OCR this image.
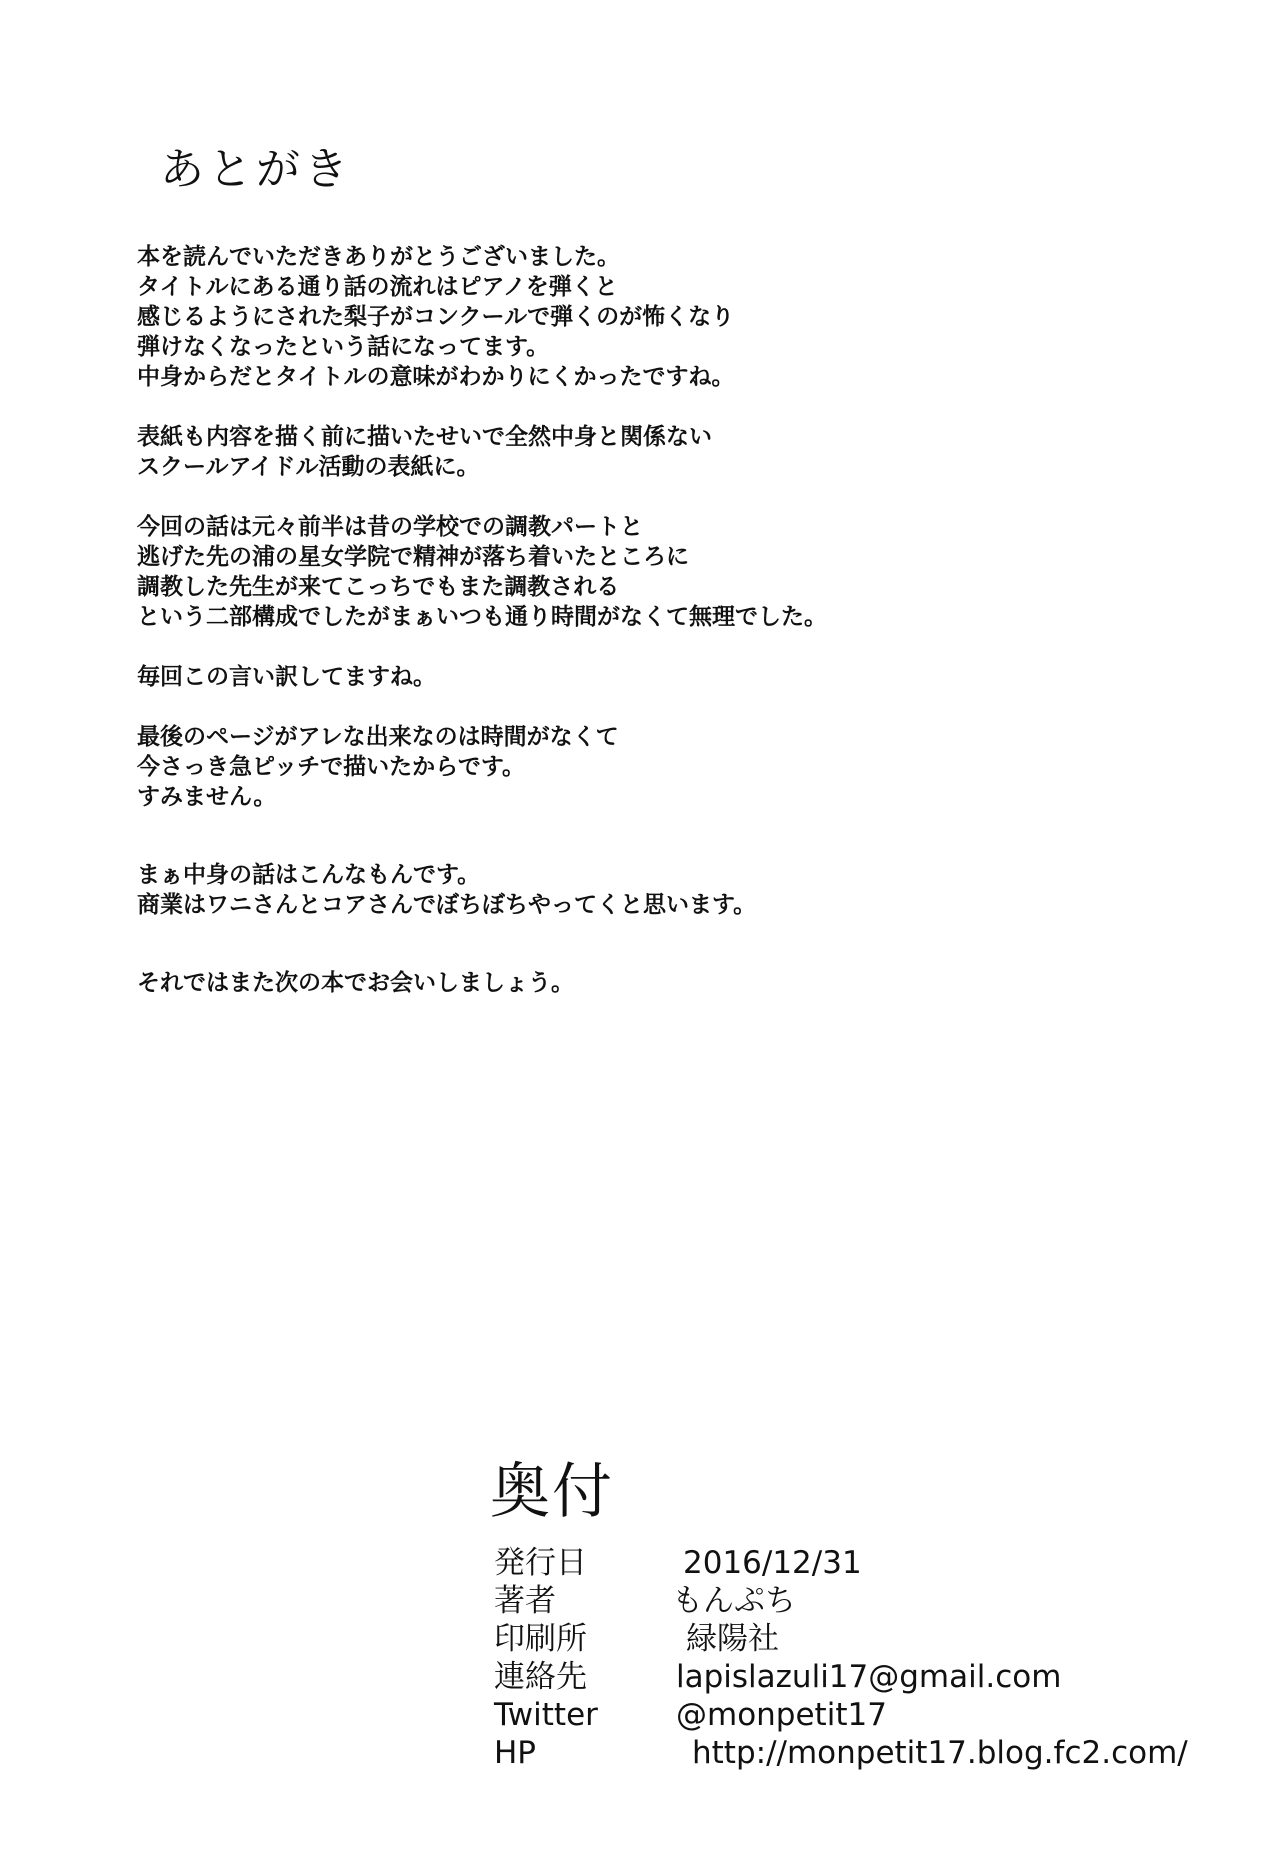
あとがき
本を読んでいただきありがとうございました。
タイトルにある通り話の流れはピアノを弾くと
感じるようにされた梨子がコンクールで弾くのが怖くなり
弾けなくなったという話になってます。
中身からだとタイトルの意味がわかりにくかったですね。
表紙も内容を描く前に描いたせいで全然中身と関係ない
スクールアイドル活動の表紙に。
今回の話は元々前半は昔の学校での調教パートと
逃げた先の浦の星女学院で精神が落ち着いたところに
調教した先生が来てこっちでもまた調教される
という二部構成でしたがまぁいつも通り時間がなくて無理でした。
毎回この言い訳してますね。
最後のページがアレな出来なのは時間がなくて
今さっき急ピッチで描いたからです。
すみません。
まぁ中身の話はこんなもんです。
商業はワニさんとコアさんでぼちぼちやってくと思います。
それではまた次の本でお会いしましょう。
奥付
発行日	2016/12/31
著者	もんぷち
印刷所	緑陽社
連絡先	lapislazuli17@gmail.com
Twitter	@monpetit17
HP	http://monpetit17.blog.fc2.com/
